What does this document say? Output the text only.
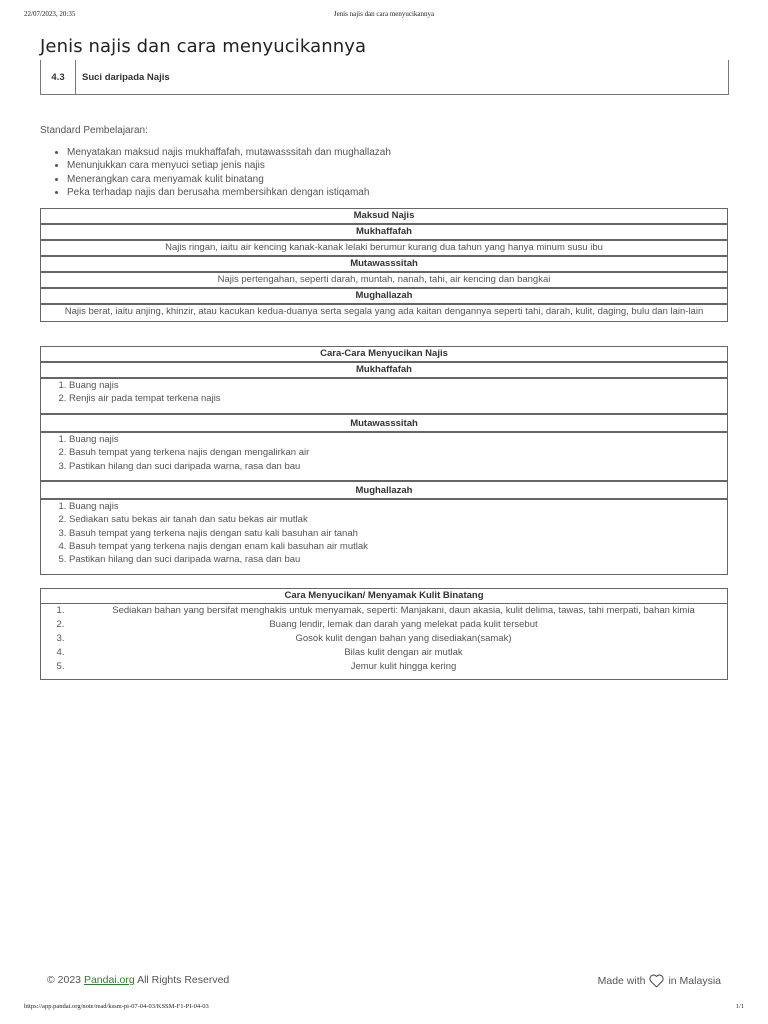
22/07/2023, 20:35	Jenis najis dan cara menyucikannya
Jenis najis dan cara menyucikannya
4.3	Suci daripada Najis
Standard Pembelajaran:
• Menyatakan maksud najis mukhaffafah, mutawasssitah dan mughallazah
• Menunjukkan cara menyuci setiap jenis najis
• Menerangkan cara menyamak kulit binatang
• Peka terhadap najis dan berusaha membersihkan dengan istiqamah
Maksud Najis
Mukhaffafah
Najis ringan, iaitu air kencing kanak-kanak lelaki berumur kurang dua tahun yang hanya minum susu ibu
Mutawasssitah
Najis pertengahan, seperti darah, muntah, nanah, tahi, air kencing dan bangkai
Mughallazah
Najis berat, iaitu anjing, khinzir, atau kacukan kedua-duanya serta segala yang ada kaitan dengannya seperti tahi, darah, kulit, daging, bulu dan lain-lain
Cara-Cara Menyucikan Najis
Mukhaffafah

1. Buang najis
2. Renjis air pada tempat terkena najis

Mutawasssitah

1. Buang najis
2. Basuh tempat yang terkena najis dengan mengalirkan air
3. Pastikan hilang dan suci daripada warna, rasa dan bau

Mughallazah

1. Buang najis
2. Sediakan satu bekas air tanah dan satu bekas air mutlak
3. Basuh tempat yang terkena najis dengan satu kali basuhan air tanah
4. Basuh tempat yang terkena najis dengan enam kali basuhan air mutlak
5. Pastikan hilang dan suci daripada warna, rasa dan bau
Cara Menyucikan/ Menyamak Kulit Binatang	
1.	Sediakan bahan yang bersifat menghakis untuk menyamak, seperti: Manjakani, daun akasia, kulit delima, tawas, tahi merpati, bahan kimia
2.	Buang lendir, lemak dan darah yang melekat pada kulit tersebut
3.	Gosok kulit dengan bahan yang disediakan(samak)
4.	Bilas kulit dengan air mutlak
5.	Jemur kulit hingga kering
© 2023 Pandai.org All Rights Reserved	Made with in Malaysia
https://app.pandai.org/note/read/kssm-pi-07-04-03/KSSM-F1-PI-04-03	1/1
